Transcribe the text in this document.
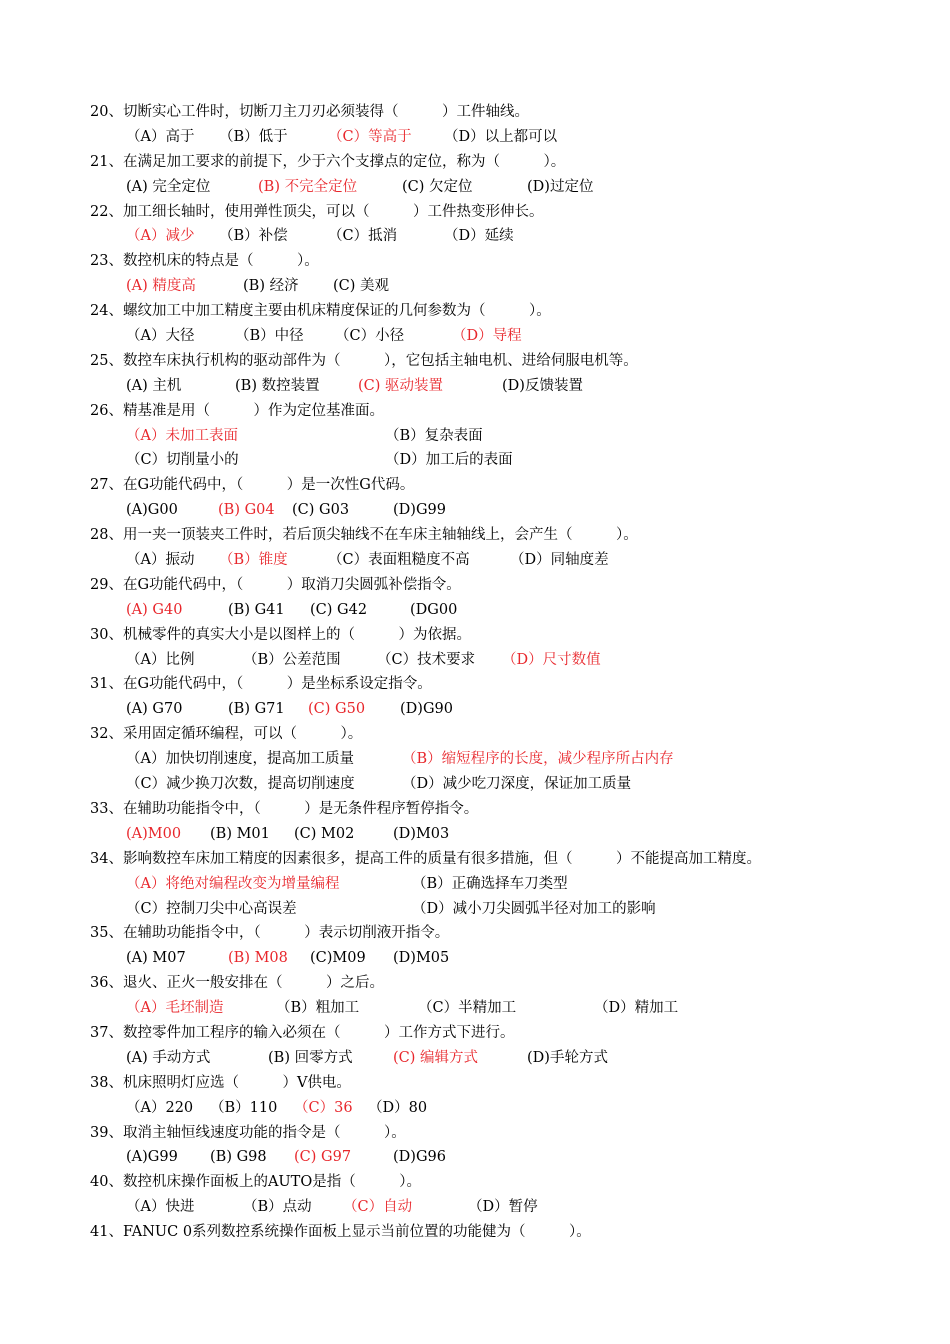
20、切断实心工件时，切断刀主刀刃必须装得（　　　）工件轴线。
（A）高于 （B）低于	（C）等高于 （D）以上都可以
21、在满足加工要求的前提下，少于六个支撑点的定位，称为（　　　）。
(A) 完全定位	(B) 不完全定位	(C) 欠定位	(D)过定位
22、加工细长轴时，使用弹性顶尖，可以（　　　）工件热变形伸长。
（A）减少 （B）补偿	（C）抵消	（D）延续
23、数控机床的特点是（　　　）。
(A) 精度高	(B) 经济 (C) 美观
24、螺纹加工中加工精度主要由机床精度保证的几何参数为（　　　）。
（A）大径	（B）中径 （C）小径	（D）导程
25、数控车床执行机构的驱动部件为（　　　），它包括主轴电机、进给伺服电机等。
(A) 主机	(B) 数控装置	(C) 驱动装置	(D)反馈装置
26、精基准是用（　　　）作为定位基准面。
（A）未加工表面	（B）复杂表面
（C）切削量小的	（D）加工后的表面
27、在G功能代码中，（　　　）是一次性G代码。
(A)G00	(B) G04 (C) G03	(D)G99
28、用一夹一顶装夹工件时，若后顶尖轴线不在车床主轴轴线上，会产生（　　　）。
（A）振动 （B）锥度	（C）表面粗糙度不高	（D）同轴度差
29、在G功能代码中，（　　　）取消刀尖圆弧补偿指令。
(A) G40	(B) G41 (C) G42	(DG00
30、机械零件的真实大小是以图样上的（　　　）为依据。
（A）比例	（B）公差范围	（C）技术要求 （D）尺寸数值
31、在G功能代码中，（　　　）是坐标系设定指令。
(A) G70	(B) G71 (C) G50 (D)G90
32、采用固定循环编程，可以（　　　）。
（A）加快切削速度，提高加工质量	（B）缩短程序的长度，减少程序所占内存
（C）减少换刀次数，提高切削速度	（D）减少吃刀深度，保证加工质量
33、在辅助功能指令中，（　　　）是无条件程序暂停指令。
(A)M00 (B) M01 (C) M02	(D)M03
34、影响数控车床加工精度的因素很多，提高工件的质量有很多措施，但（　　　）不能提高加工精度。
（A）将绝对编程改变为增量编程	（B）正确选择车刀类型
（C）控制刀尖中心高误差	（D）减小刀尖圆弧半径对加工的影响
35、在辅助功能指令中，（　　　）表示切削液开指令。
(A) M07	(B) M08 (C)M09 (D)M05
36、退火、正火一般安排在（　　　）之后。
（A）毛坯制造	（B）粗加工	（C）半精加工	（D）精加工
37、数控零件加工程序的输入必须在（　　　）工作方式下进行。
(A) 手动方式	(B) 回零方式	(C) 编辑方式	(D)手轮方式
38、机床照明灯应选（　　　）V供电。
（A）220 （B）110 （C）36 （D）80
39、取消主轴恒线速度功能的指令是（　　　）。
(A)G99 (B) G98 (C) G97	(D)G96
40、数控机床操作面板上的AUTO是指（　　　）。
（A）快进	（B）点动 （C）自动	（D）暂停
41、FANUC 0系列数控系统操作面板上显示当前位置的功能健为（　　　）。
